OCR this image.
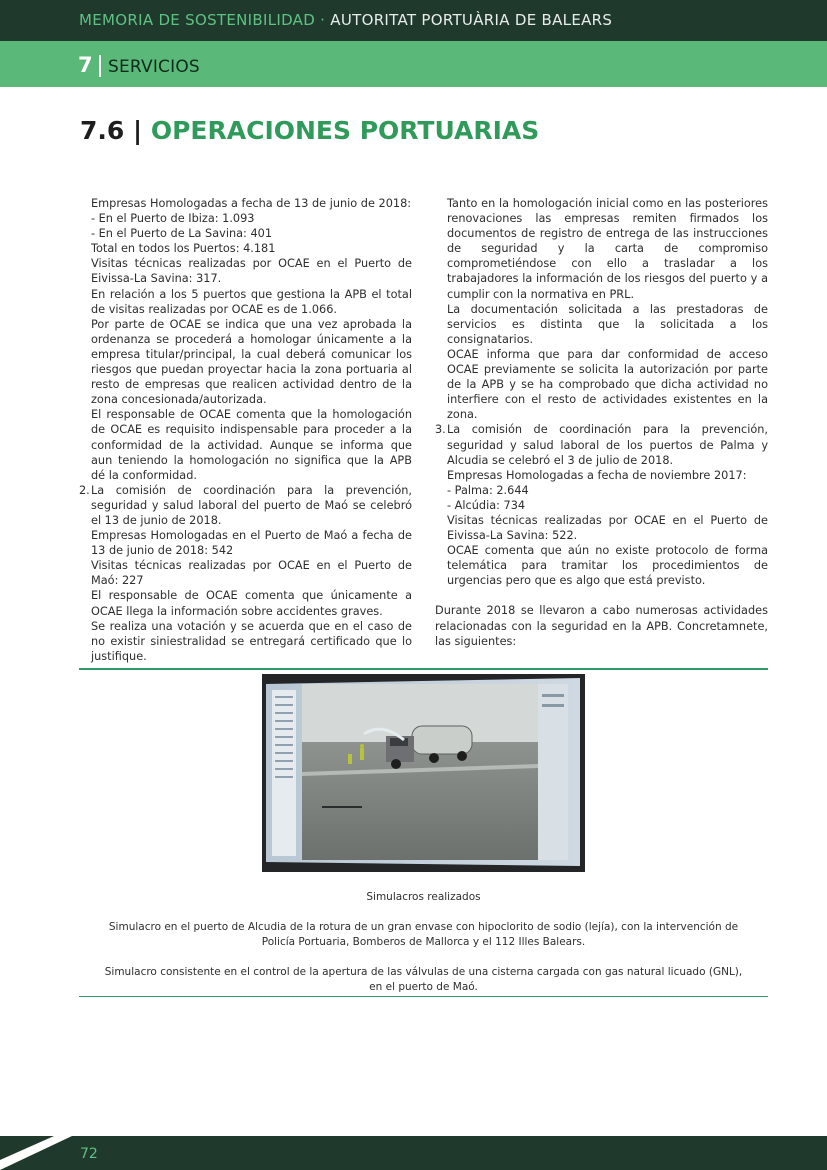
MEMORIA DE SOSTENIBILIDAD · AUTORITAT PORTUÀRIA DE BALEARS
7 SERVICIOS
7.6 | OPERACIONES PORTUARIAS

Empresas Homologadas a fecha de 13 de junio de 2018:

- En el Puerto de Ibiza: 1.093

- En el Puerto de La Savina: 401

Total en todos los Puertos: 4.181

Visitas técnicas realizadas por OCAE en el Puerto de Eivissa-La Savina: 317.

En relación a los 5 puertos que gestiona la APB el total de visitas realizadas por OCAE es de 1.066.

Por parte de OCAE se indica que una vez aprobada la ordenanza se procederá a homologar únicamente a la empresa titular/principal, la cual deberá comunicar los riesgos que puedan proyectar hacia la zona portuaria al resto de empresas que realicen actividad dentro de la zona concesionada/autorizada.

El responsable de OCAE comenta que la homologación de OCAE es requisito indispensable para proceder a la conformidad de la actividad. Aunque se informa que aun teniendo la homologación no significa que la APB dé la conformidad.

2. La comisión de coordinación para la prevención, seguridad y salud laboral del puerto de Maó se celebró el 13 de junio de 2018.

Empresas Homologadas en el Puerto de Maó a fecha de 13 de junio de 2018: 542

Visitas técnicas realizadas por OCAE en el Puerto de Maó: 227

El responsable de OCAE comenta que únicamente a OCAE llega la información sobre accidentes graves.

Se realiza una votación y se acuerda que en el caso de no existir siniestralidad se entregará certificado que lo justifique.

Tanto en la homologación inicial como en las posteriores renovaciones las empresas remiten firmados los documentos de registro de entrega de las instrucciones de seguridad y la carta de compromiso comprometiéndose con ello a trasladar a los trabajadores la información de los riesgos del puerto y a cumplir con la normativa en PRL.

La documentación solicitada a las prestadoras de servicios es distinta que la solicitada a los consignatarios.

OCAE informa que para dar conformidad de acceso OCAE previamente se solicita la autorización por parte de la APB y se ha comprobado que dicha actividad no interfiere con el resto de actividades existentes en la zona.

3. La comisión de coordinación para la prevención, seguridad y salud laboral de los puertos de Palma y Alcudia se celebró el 3 de julio de 2018.

Empresas Homologadas a fecha de noviembre 2017:

- Palma: 2.644

- Alcúdia: 734

Visitas técnicas realizadas por OCAE en el Puerto de Eivissa-La Savina: 522.

OCAE comenta que aún no existe protocolo de forma telemática para tramitar los procedimientos de urgencias pero que es algo que está previsto.

Durante 2018 se llevaron a cabo numerosas actividades relacionadas con la seguridad en la APB. Concretamnete, las siguientes:

Simulacros realizados
Simulacro en el puerto de Alcudia de la rotura de un gran envase con hipoclorito de sodio (lejía), con la intervención de Policía Portuaria, Bomberos de Mallorca y el 112 Illes Balears.
Simulacro consistente en el control de la apertura de las válvulas de una cisterna cargada con gas natural licuado (GNL), en el puerto de Maó.
72
